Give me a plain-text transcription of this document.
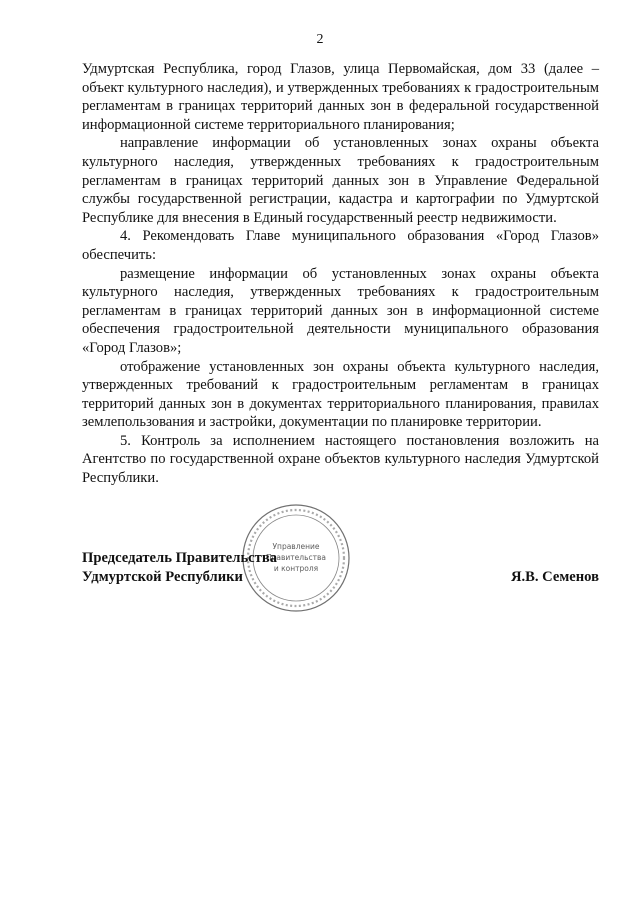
2

Удмуртская Республика, город Глазов, улица Первомайская, дом 33 (далее – объект культурного наследия), и утвержденных требованиях к градостроительным регламентам в границах территорий данных зон в федеральной государственной информационной системе территориального планирования;

направление информации об установленных зонах охраны объекта культурного наследия, утвержденных требованиях к градостроительным регламентам в границах территорий данных зон в Управление Федеральной службы государственной регистрации, кадастра и картографии по Удмуртской Республике для внесения в Единый государственный реестр недвижимости.

4. Рекомендовать Главе муниципального образования «Город Глазов» обеспечить:

размещение информации об установленных зонах охраны объекта культурного наследия, утвержденных требованиях к градостроительным регламентам в границах территорий данных зон в информационной системе обеспечения градостроительной деятельности муниципального образования «Город Глазов»;

отображение установленных зон охраны объекта культурного наследия, утвержденных требований к градостроительным регламентам в границах территорий данных зон в документах территориального планирования, правилах землепользования и застройки, документации по планировке территории.

5. Контроль за исполнением настоящего постановления возложить на Агентство по государственной охране объектов культурного наследия Удмуртской Республики.

Управление
Правительства
и контроля
Председатель Правительства
Удмуртской Республики	Я.В. Семенов
